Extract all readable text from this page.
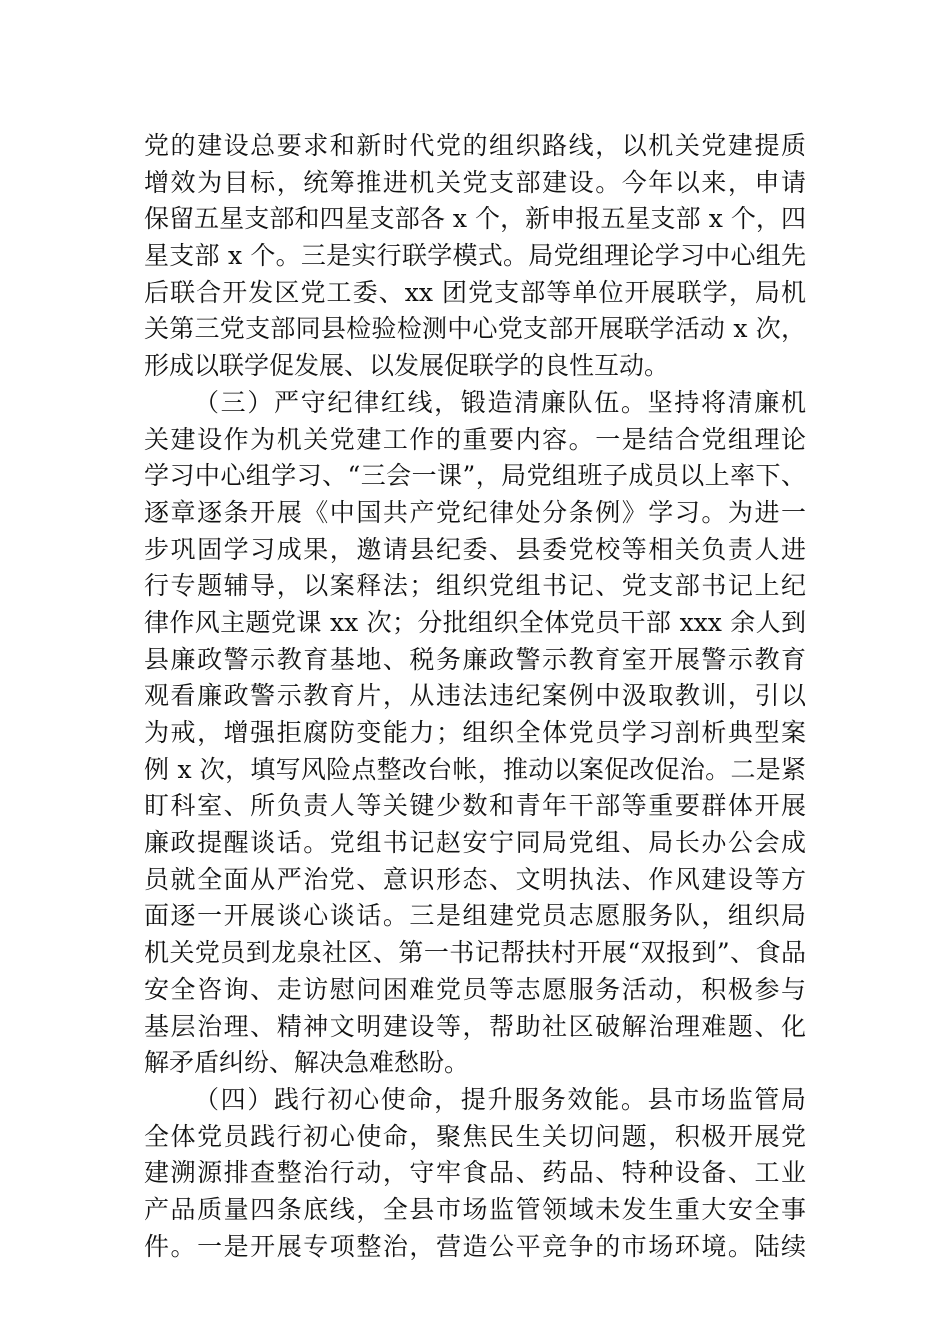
党的建设总要求和新时代党的组织路线，以机关党建提质
增效为目标，统筹推进机关党支部建设。今年以来，申请
保留五星支部和四星支部各 x 个，新申报五星支部 x 个，四
星支部 x 个。三是实行联学模式。局党组理论学习中心组先
后联合开发区党工委、xx 团党支部等单位开展联学，局机
关第三党支部同县检验检测中心党支部开展联学活动 x 次，
形成以联学促发展、以发展促联学的良性互动。
（三）严守纪律红线，锻造清廉队伍。坚持将清廉机
关建设作为机关党建工作的重要内容。一是结合党组理论
学习中心组学习、“三会一课”，局党组班子成员以上率下、
逐章逐条开展《中国共产党纪律处分条例》学习。为进一
步巩固学习成果，邀请县纪委、县委党校等相关负责人进
行专题辅导，以案释法；组织党组书记、党支部书记上纪
律作风主题党课 xx 次；分批组织全体党员干部 xxx 余人到
县廉政警示教育基地、税务廉政警示教育室开展警示教育
观看廉政警示教育片，从违法违纪案例中汲取教训，引以
为戒，增强拒腐防变能力；组织全体党员学习剖析典型案
例 x 次，填写风险点整改台帐，推动以案促改促治。二是紧
盯科室、所负责人等关键少数和青年干部等重要群体开展
廉政提醒谈话。党组书记赵安宁同局党组、局长办公会成
员就全面从严治党、意识形态、文明执法、作风建设等方
面逐一开展谈心谈话。三是组建党员志愿服务队，组织局
机关党员到龙泉社区、第一书记帮扶村开展“双报到”、食品
安全咨询、走访慰问困难党员等志愿服务活动，积极参与
基层治理、精神文明建设等，帮助社区破解治理难题、化
解矛盾纠纷、解决急难愁盼。
（四）践行初心使命，提升服务效能。县市场监管局
全体党员践行初心使命，聚焦民生关切问题，积极开展党
建溯源排查整治行动，守牢食品、药品、特种设备、工业
产品质量四条底线，全县市场监管领域未发生重大安全事
件。一是开展专项整治，营造公平竞争的市场环境。陆续
